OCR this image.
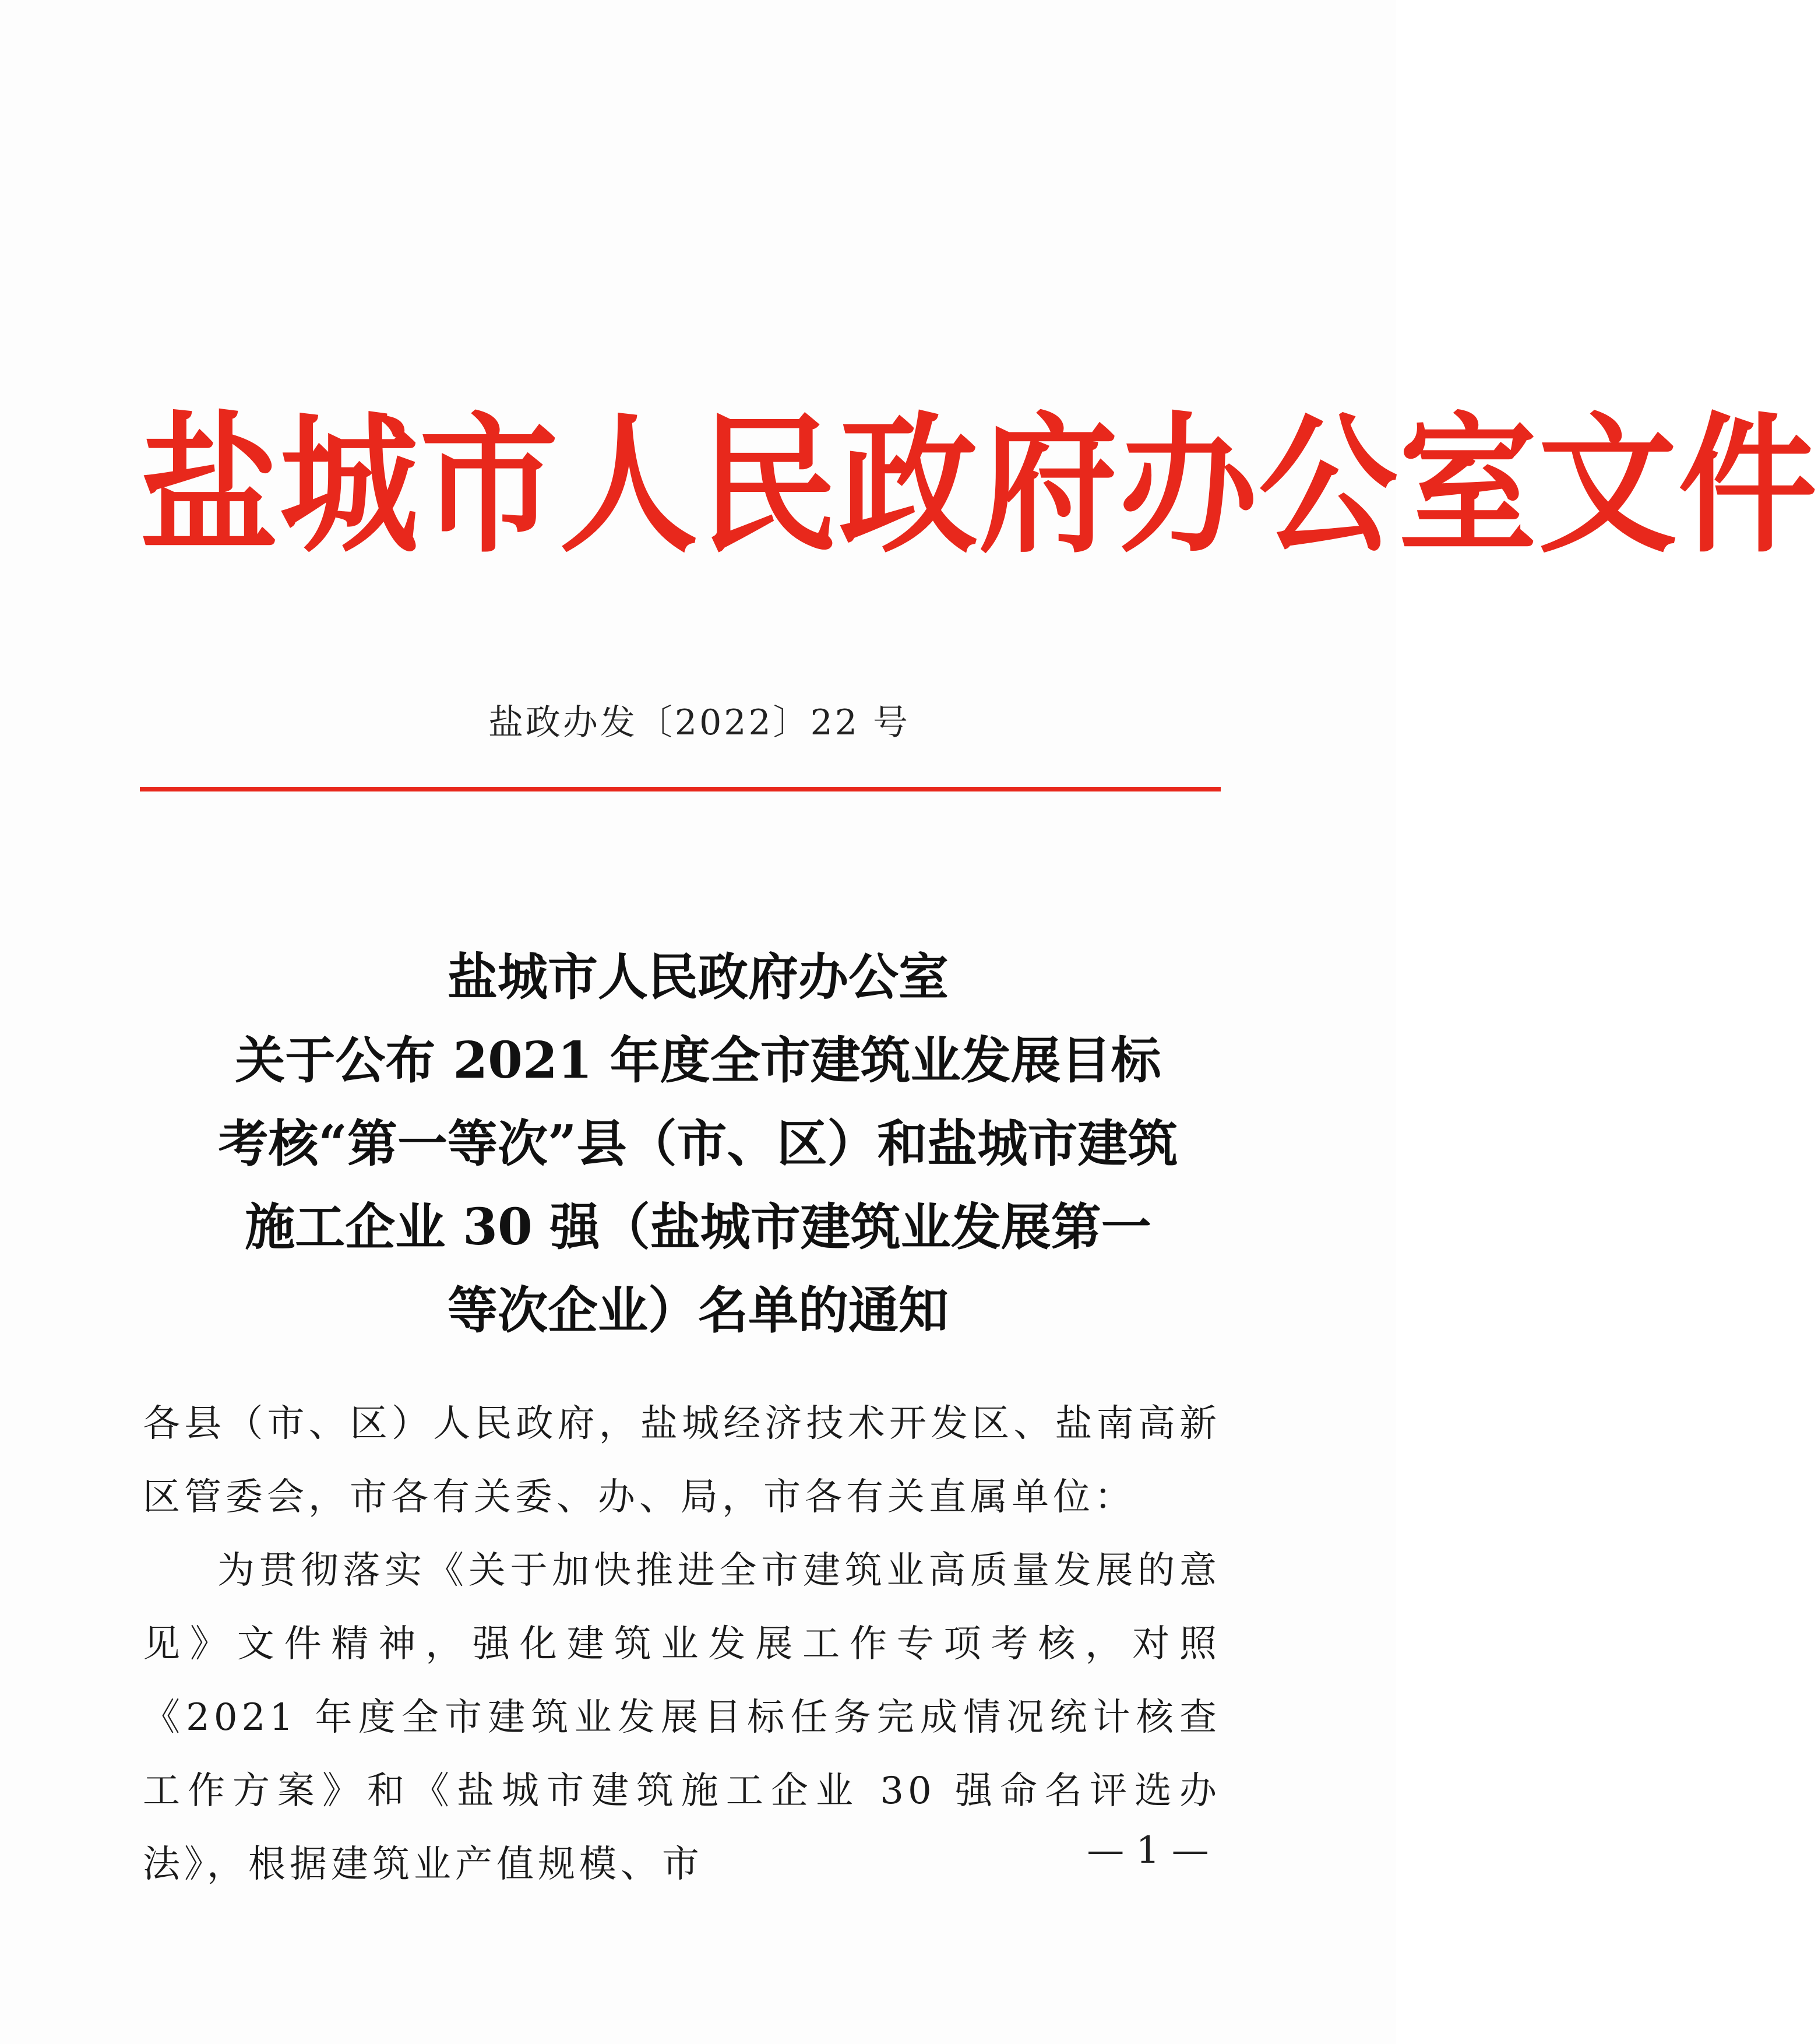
盐城市人民政府办公室文件
盐政办发〔2022〕22 号
盐城市人民政府办公室
关于公布 2021 年度全市建筑业发展目标
考核“第一等次”县（市、区）和盐城市建筑
施工企业 30 强（盐城市建筑业发展第一
等次企业）名单的通知

各县（市、区）人民政府，盐城经济技术开发区、盐南高新区管委会，市各有关委、办、局，市各有关直属单位：

为贯彻落实《关于加快推进全市建筑业高质量发展的意见》文件精神，强化建筑业发展工作专项考核，对照《2021 年度全市建筑业发展目标任务完成情况统计核查工作方案》和《盐城市建筑施工企业 30 强命名评选办法》，根据建筑业产值规模、市	— 1 —
